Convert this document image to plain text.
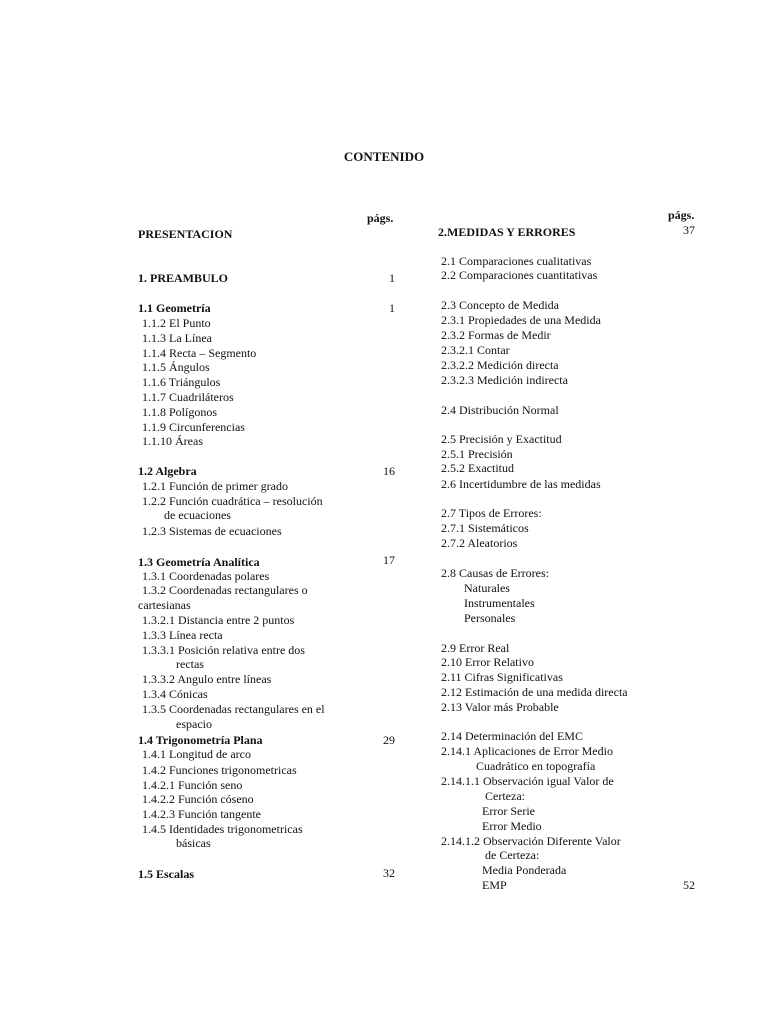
CONTENIDO
págs.
PRESENTACION
1. PREAMBULO	1
1.1 Geometría	1
1.1.2 El Punto
1.1.3 La Línea
1.1.4 Recta – Segmento
1.1.5 Ángulos
1.1.6 Triángulos
1.1.7 Cuadriláteros
1.1.8 Polígonos
1.1.9 Circunferencias
1.1.10 Áreas
1.2 Algebra	16
1.2.1 Función de primer grado
1.2.2 Función cuadrática – resolución
de ecuaciones
1.2.3 Sistemas de ecuaciones
1.3 Geometría Analítica	17
1.3.1 Coordenadas polares
1.3.2 Coordenadas rectangulares o
cartesianas
1.3.2.1 Distancia entre 2 puntos
1.3.3 Línea recta
1.3.3.1 Posición relativa entre dos
rectas
1.3.3.2 Angulo entre líneas
1.3.4 Cónicas
1.3.5 Coordenadas rectangulares en el
espacio
1.4 Trigonometría Plana	29
1.4.1 Longitud de arco
1.4.2 Funciones trigonometricas
1.4.2.1 Función seno
1.4.2.2 Función cóseno
1.4.2.3 Función tangente
1.4.5 Identidades trigonometricas
básicas
1.5 Escalas	32
págs.
2.MEDIDAS Y ERRORES	37
2.1 Comparaciones cualitativas
2.2 Comparaciones cuantitativas
2.3 Concepto de Medida
2.3.1 Propiedades de una Medida
2.3.2 Formas de Medir
2.3.2.1 Contar
2.3.2.2 Medición directa
2.3.2.3 Medición indirecta
2.4 Distribución Normal
2.5 Precisión y Exactitud
2.5.1 Precisión
2.5.2 Exactitud
2.6 Incertidumbre de las medidas
2.7 Tipos de Errores:
2.7.1 Sistemáticos
2.7.2 Aleatorios
2.8 Causas de Errores:
Naturales
Instrumentales
Personales
2.9 Error Real
2.10 Error Relativo
2.11 Cifras Significativas
2.12 Estimación de una medida directa
2.13 Valor más Probable
2.14 Determinación del EMC
2.14.1 Aplicaciones de Error Medio
Cuadrático en topografía
2.14.1.1 Observación igual Valor de
Certeza:
Error Serie
Error Medio
2.14.1.2 Observación Diferente Valor
de Certeza:
Media Ponderada
EMP	52
